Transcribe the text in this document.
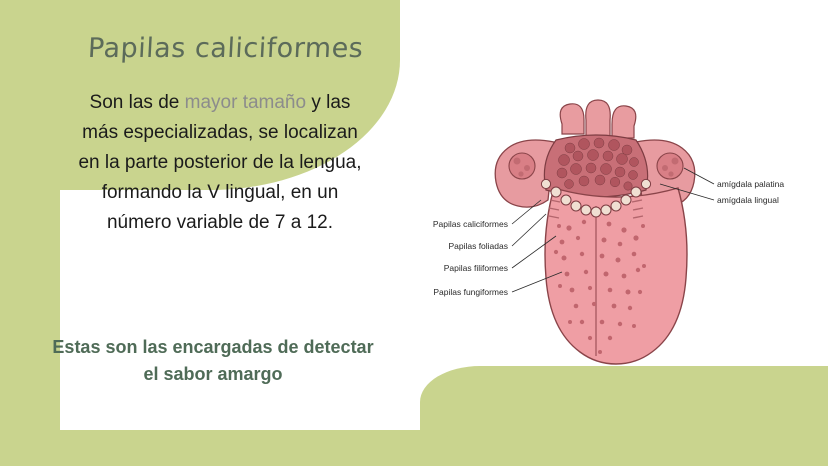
Papilas caliciformes
Son las de mayor tamaño y las más especializadas, se localizan en la parte posterior de la lengua, formando la V lingual, en un número variable de 7 a 12.
Estas son las encargadas de detectar el sabor amargo
amígdala palatina
amígdala lingual
Papilas caliciformes
Papilas foliadas
Papilas filiformes
Papilas fungiformes
